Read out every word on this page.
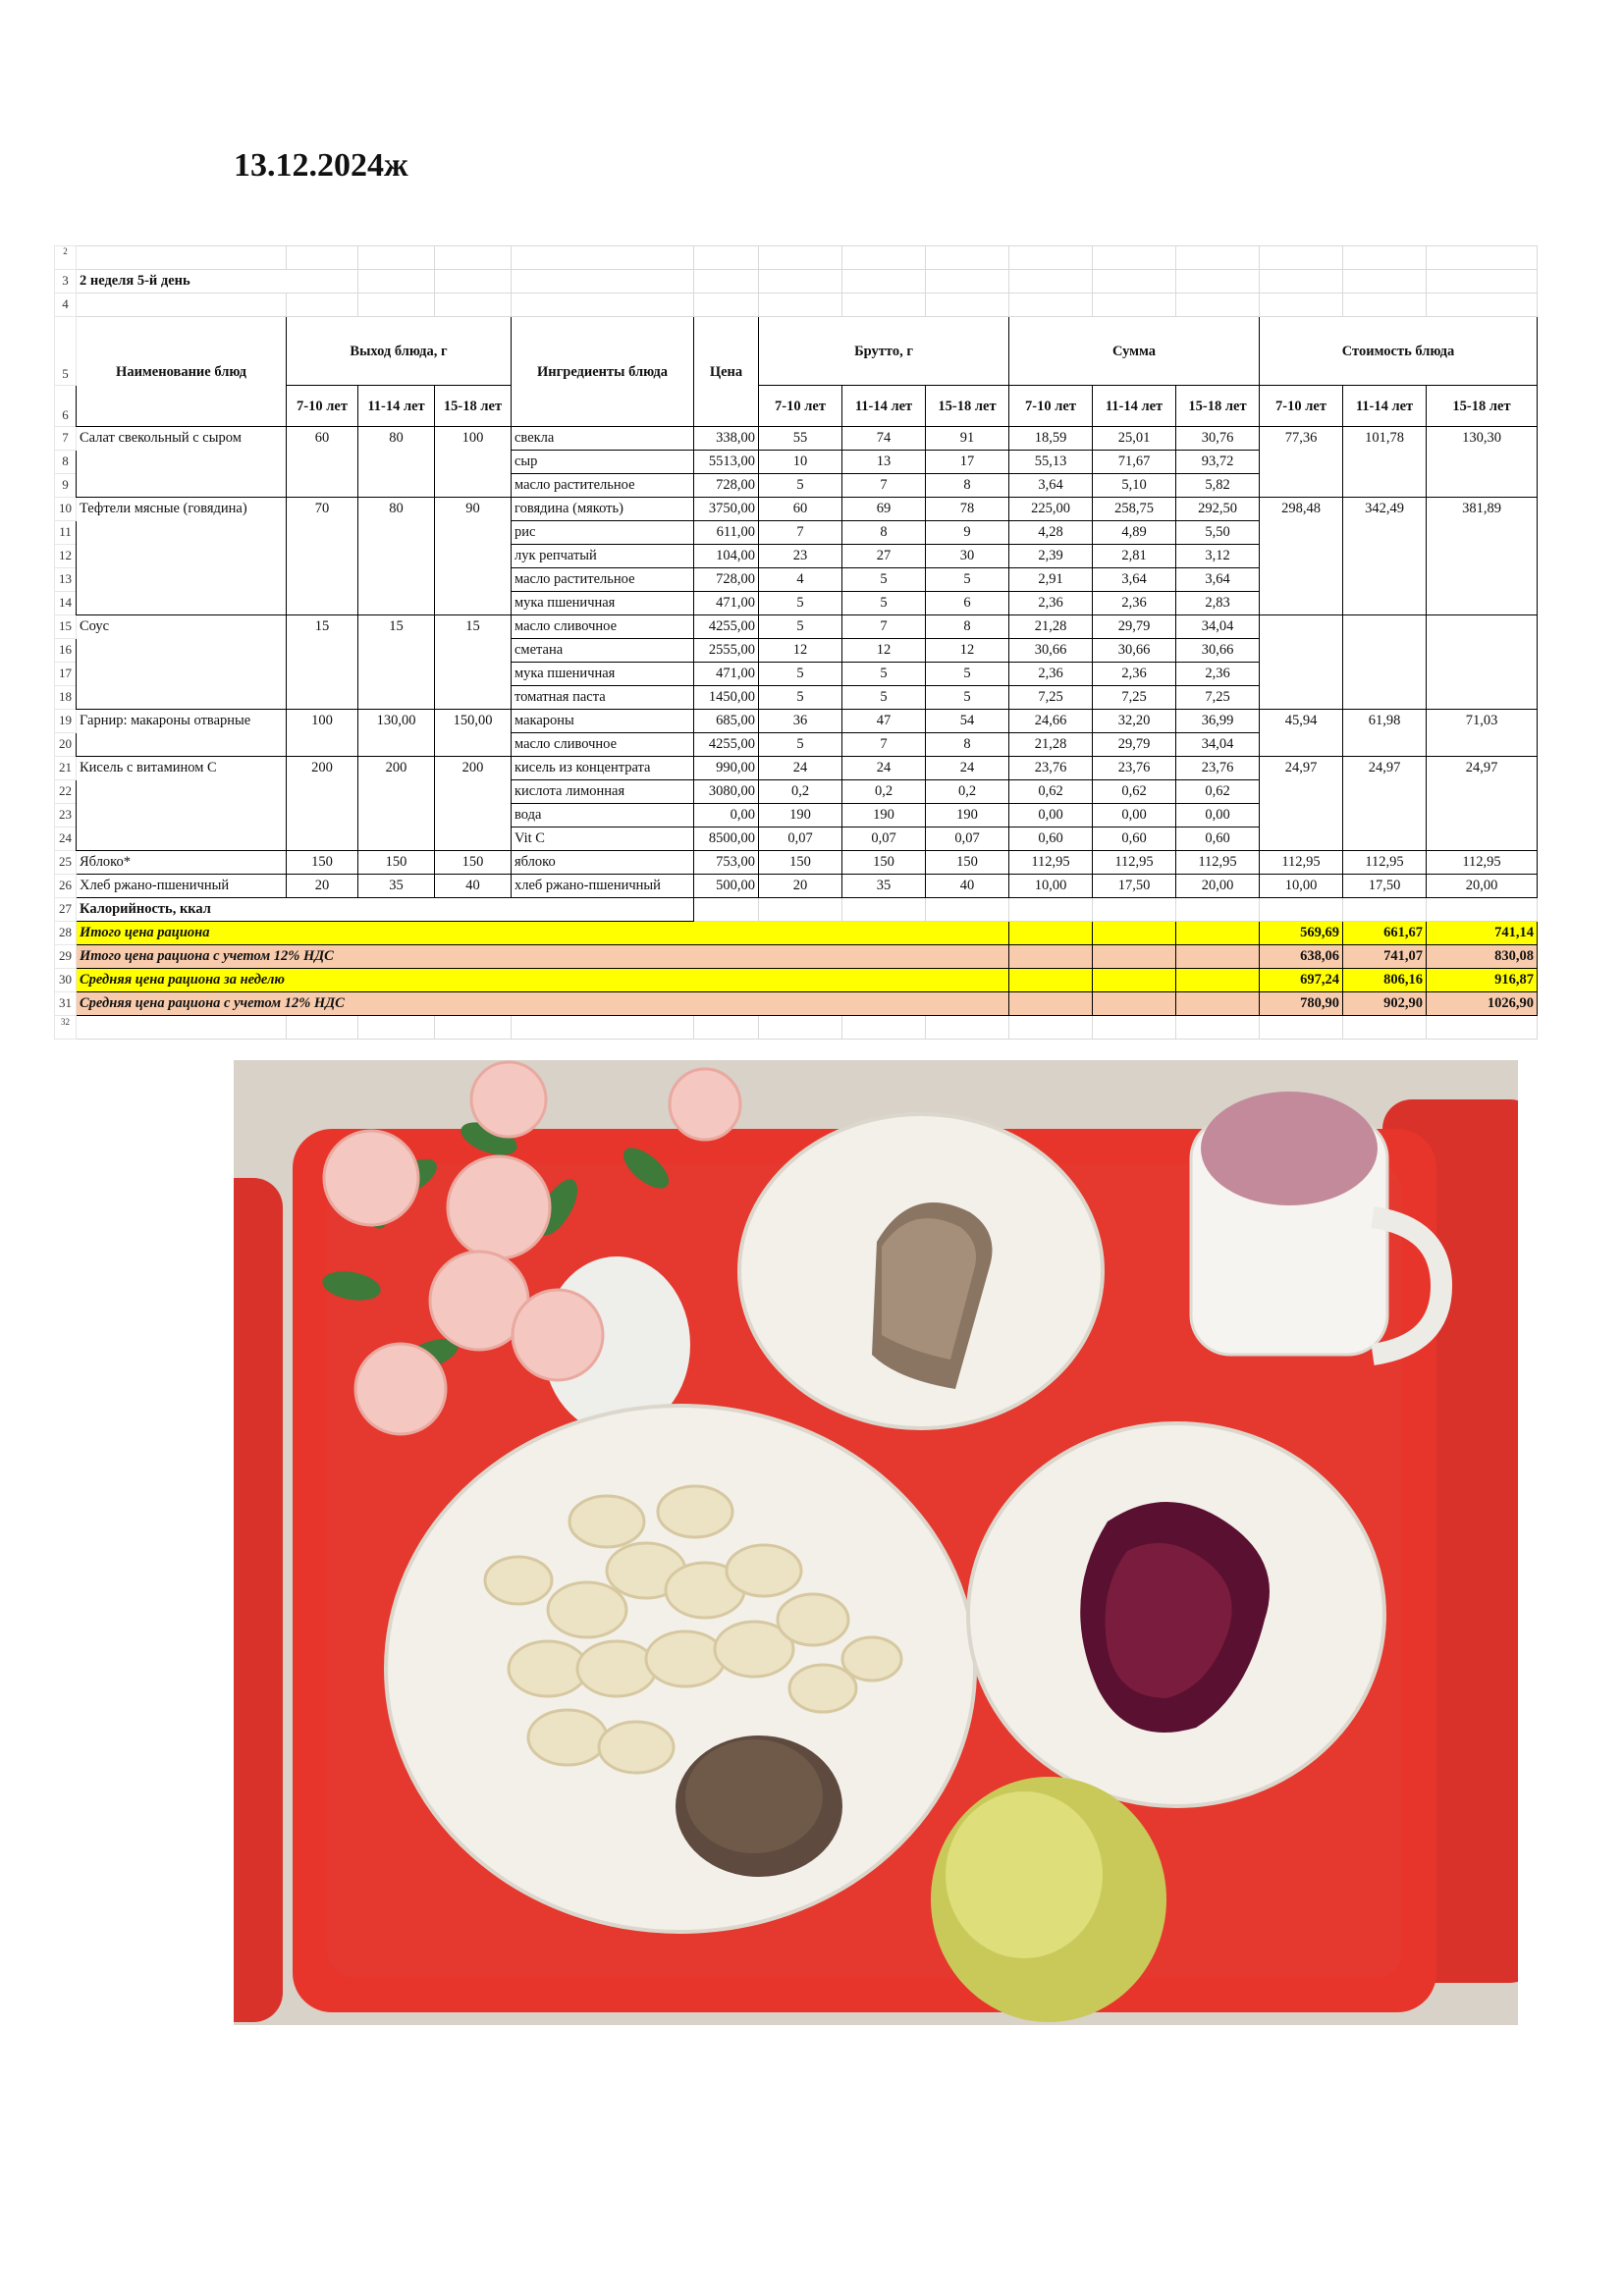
13.12.2024ж
2															
3	2 неделя 5-й день														
4															
5	Наименование блюд	Выход блюда, г			Ингредиенты блюда	Цена	Брутто, г			Сумма			Стоимость блюда		
6		7-10 лет	11-14 лет	15-18 лет			7-10 лет	11-14 лет	15-18 лет	7-10 лет	11-14 лет	15-18 лет	7-10 лет	11-14 лет	15-18 лет
7	Салат свекольный с сыром	60	80	100	свекла	338,00	55	74	91	18,59	25,01	30,76	77,36	101,78	130,30
8					сыр	5513,00	10	13	17	55,13	71,67	93,72			
9					масло растительное	728,00	5	7	8	3,64	5,10	5,82			
10	Тефтели мясные (говядина)	70	80	90	говядина (мякоть)	3750,00	60	69	78	225,00	258,75	292,50	298,48	342,49	381,89
11					рис	611,00	7	8	9	4,28	4,89	5,50			
12					лук репчатый	104,00	23	27	30	2,39	2,81	3,12			
13					масло растительное	728,00	4	5	5	2,91	3,64	3,64			
14					мука пшеничная	471,00	5	5	6	2,36	2,36	2,83			
15	Соус	15	15	15	масло сливочное	4255,00	5	7	8	21,28	29,79	34,04			
16					сметана	2555,00	12	12	12	30,66	30,66	30,66			
17					мука пшеничная	471,00	5	5	5	2,36	2,36	2,36			
18					томатная паста	1450,00	5	5	5	7,25	7,25	7,25			
19	Гарнир: макароны отварные	100	130,00	150,00	макароны	685,00	36	47	54	24,66	32,20	36,99	45,94	61,98	71,03
20					масло сливочное	4255,00	5	7	8	21,28	29,79	34,04			
21	Кисель с витамином С	200	200	200	кисель из концентрата	990,00	24	24	24	23,76	23,76	23,76	24,97	24,97	24,97
22					кислота лимонная	3080,00	0,2	0,2	0,2	0,62	0,62	0,62			
23					вода	0,00	190	190	190	0,00	0,00	0,00			
24					Vit C	8500,00	0,07	0,07	0,07	0,60	0,60	0,60			
25	Яблоко*	150	150	150	яблоко	753,00	150	150	150	112,95	112,95	112,95	112,95	112,95	112,95
26	Хлеб ржано-пшеничный	20	35	40	хлеб ржано-пшеничный	500,00	20	35	40	10,00	17,50	20,00	10,00	17,50	20,00
27	Калорийность, ккал														
28	Итого цена рациона												569,69	661,67	741,14
29	Итого цена рациона с учетом 12% НДС												638,06	741,07	830,08
30	Средняя цена рациона за неделю												697,24	806,16	916,87
31	Средняя цена рациона с учетом 12% НДС												780,90	902,90	1026,90
32															
